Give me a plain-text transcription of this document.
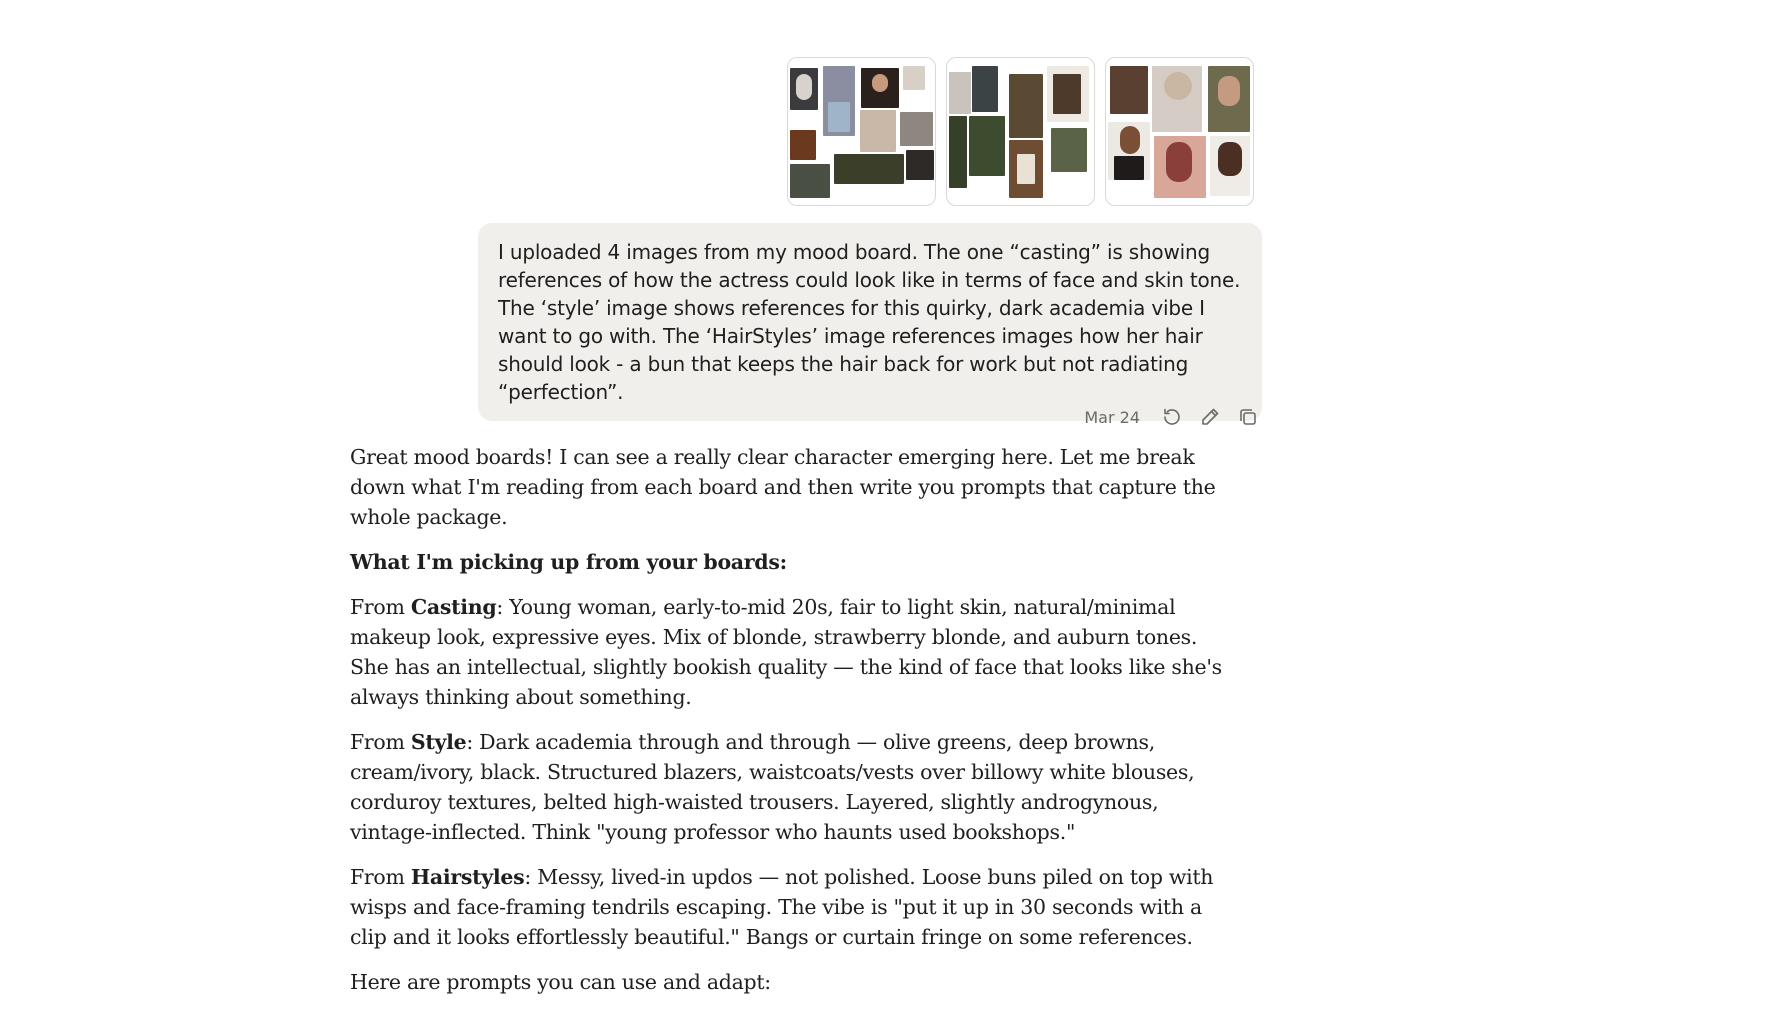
I uploaded 4 images from my mood board. The one “casting” is showing references of how the actress could look like in terms of face and skin tone. The ‘style’ image shows references for this quirky, dark academia vibe I want to go with. The ‘HairStyles’ image references images how her hair should look - a bun that keeps the hair back for work but not radiating “perfection”.
Mar 24

Great mood boards! I can see a really clear character emerging here. Let me break down what I'm reading from each board and then write you prompts that capture the whole package.

What I'm picking up from your boards:

From Casting: Young woman, early-to-mid 20s, fair to light skin, natural/minimal makeup look, expressive eyes. Mix of blonde, strawberry blonde, and auburn tones. She has an intellectual, slightly bookish quality — the kind of face that looks like she's always thinking about something.

From Style: Dark academia through and through — olive greens, deep browns, cream/ivory, black. Structured blazers, waistcoats/vests over billowy white blouses, corduroy textures, belted high-waisted trousers. Layered, slightly androgynous, vintage-inflected. Think "young professor who haunts used bookshops."

From Hairstyles: Messy, lived-in updos — not polished. Loose buns piled on top with wisps and face-framing tendrils escaping. The vibe is "put it up in 30 seconds with a clip and it looks effortlessly beautiful." Bangs or curtain fringe on some references.

Here are prompts you can use and adapt:
